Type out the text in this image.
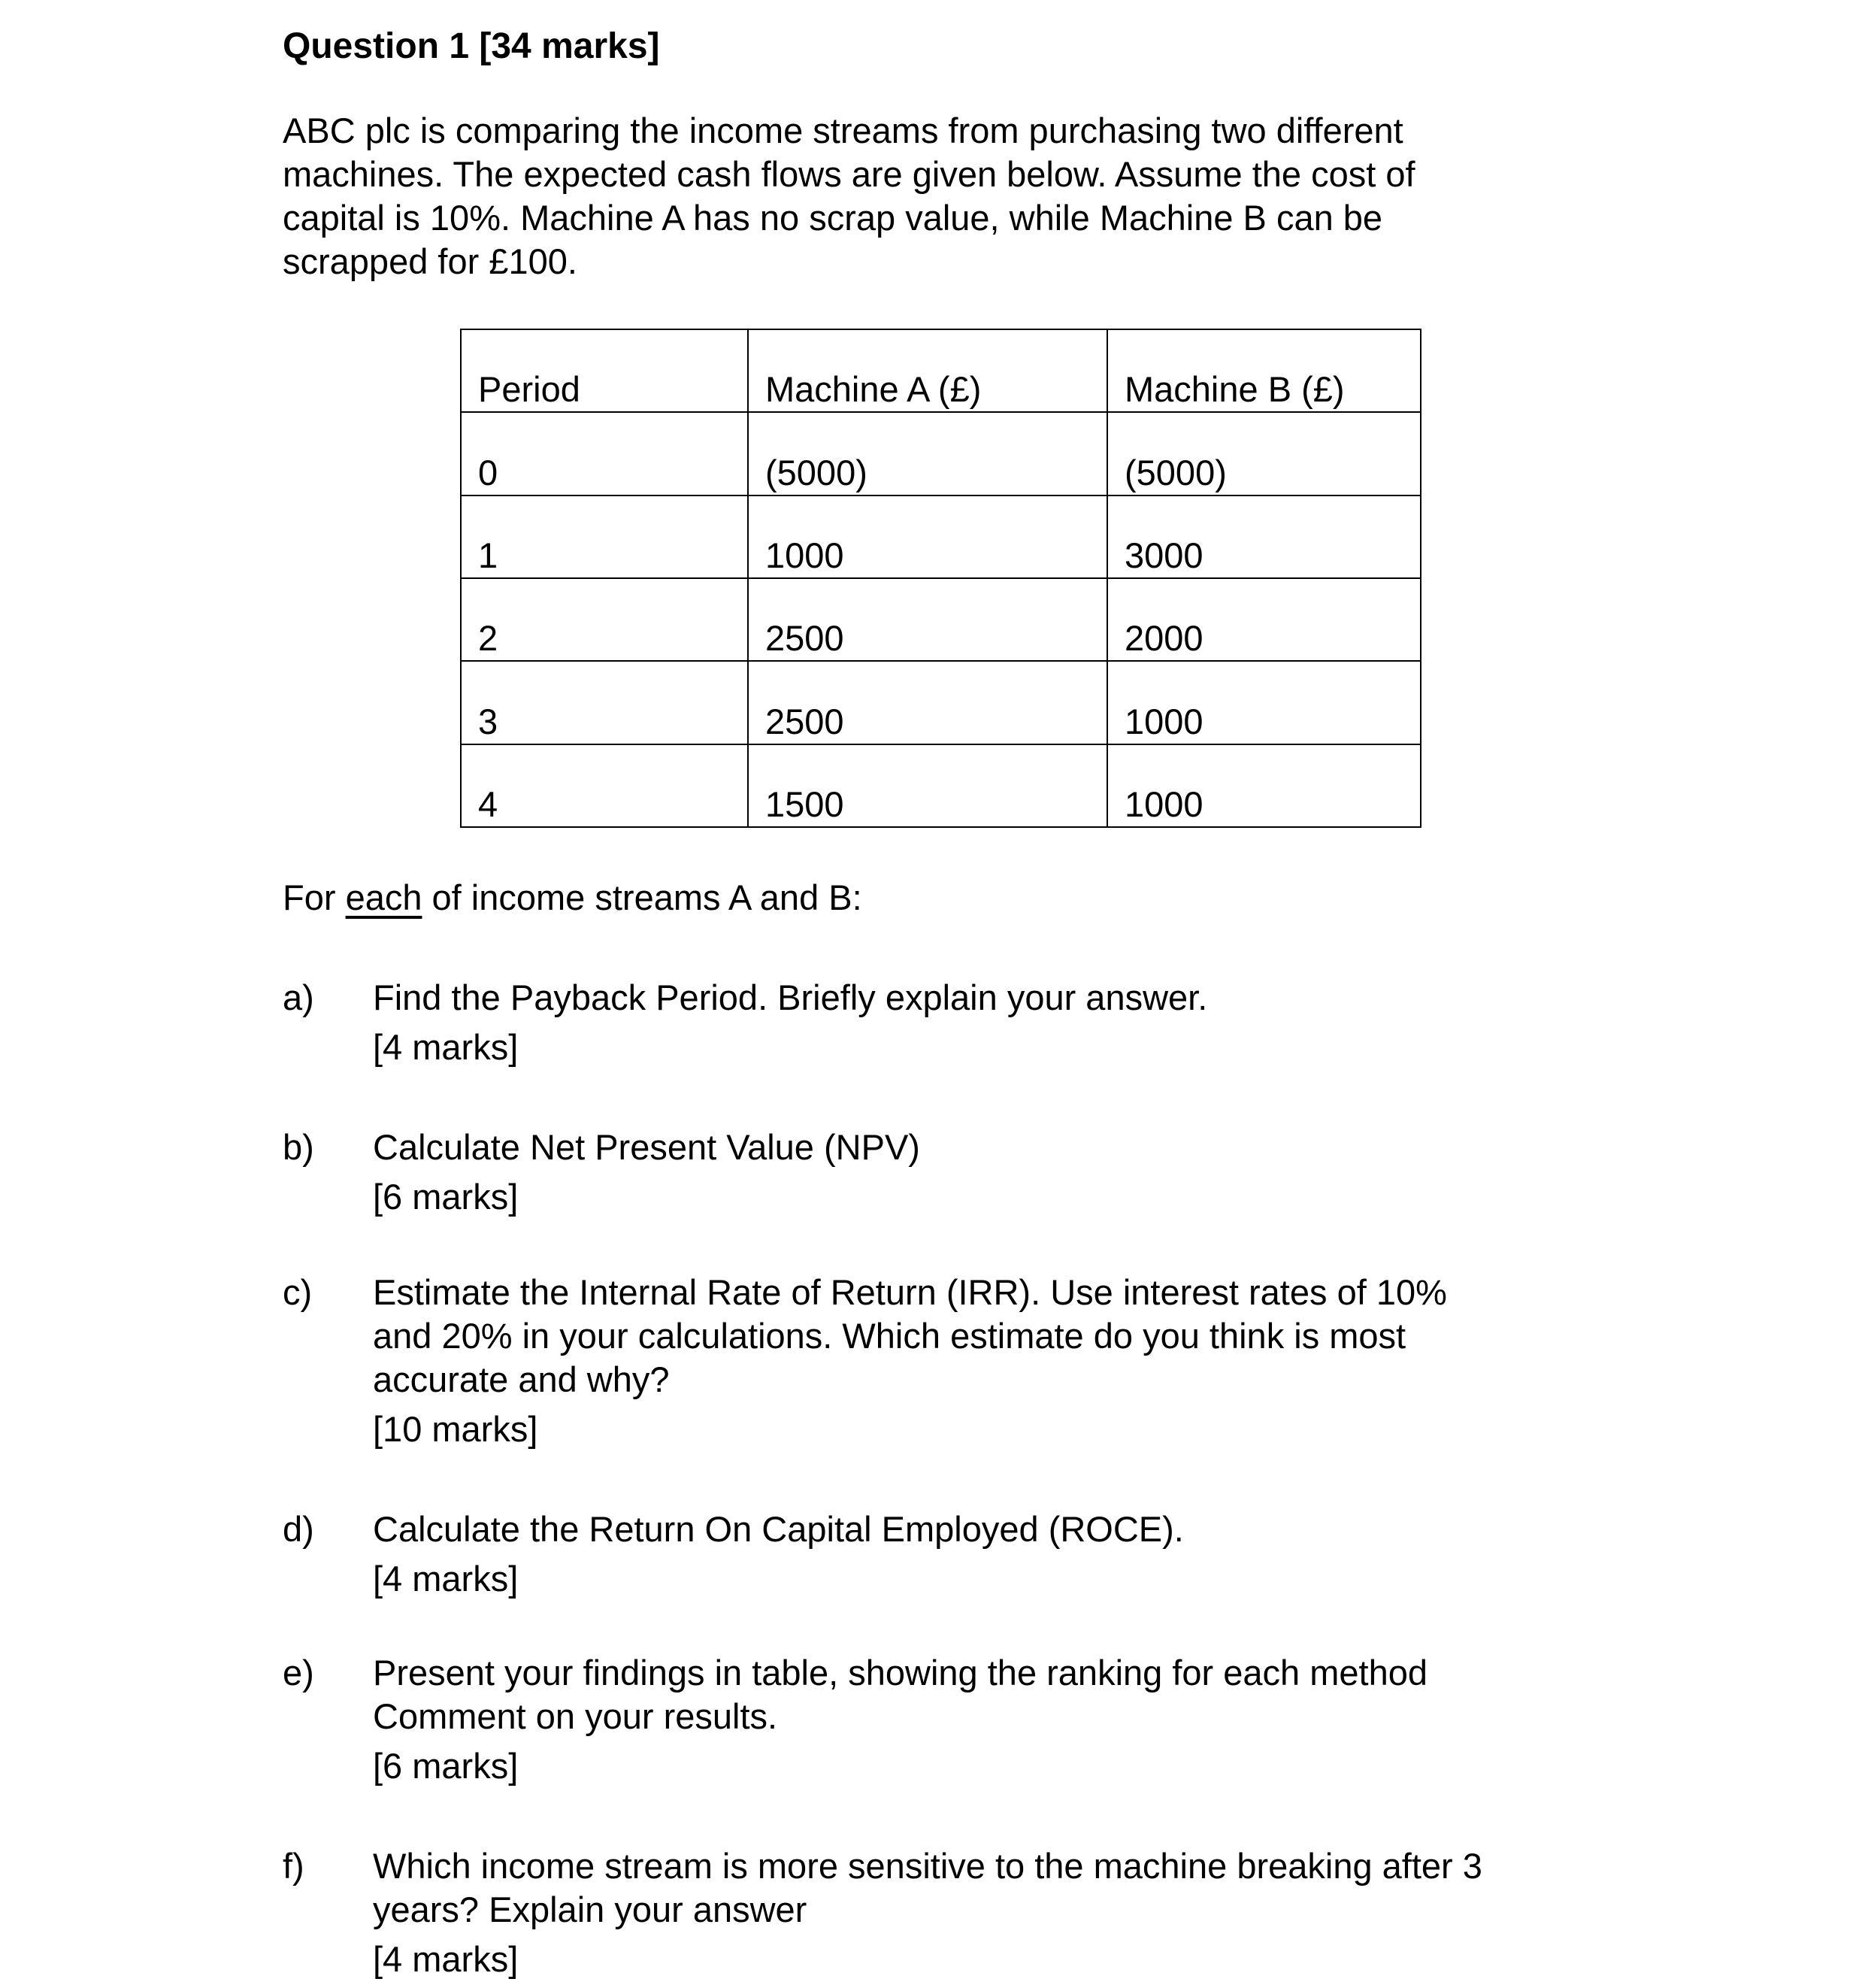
Question 1 [34 marks]
ABC plc is comparing the income streams from purchasing two different
machines. The expected cash flows are given below. Assume the cost of
capital is 10%. Machine A has no scrap value, while Machine B can be
scrapped for £100.
Period	Machine A (£)	Machine B (£)
0	(5000)	(5000)
1	1000	3000
2	2500	2000
3	2500	1000
4	1500	1000
For each of income streams A and B:
a) Find the Payback Period. Briefly explain your answer.
[4 marks]
b) Calculate Net Present Value (NPV)
[6 marks]
c) Estimate the Internal Rate of Return (IRR). Use interest rates of 10%
and 20% in your calculations. Which estimate do you think is most
accurate and why?
[10 marks]
d) Calculate the Return On Capital Employed (ROCE).
[4 marks]
e) Present your findings in table, showing the ranking for each method
Comment on your results.
[6 marks]
f) Which income stream is more sensitive to the machine breaking after 3
years? Explain your answer
[4 marks]
